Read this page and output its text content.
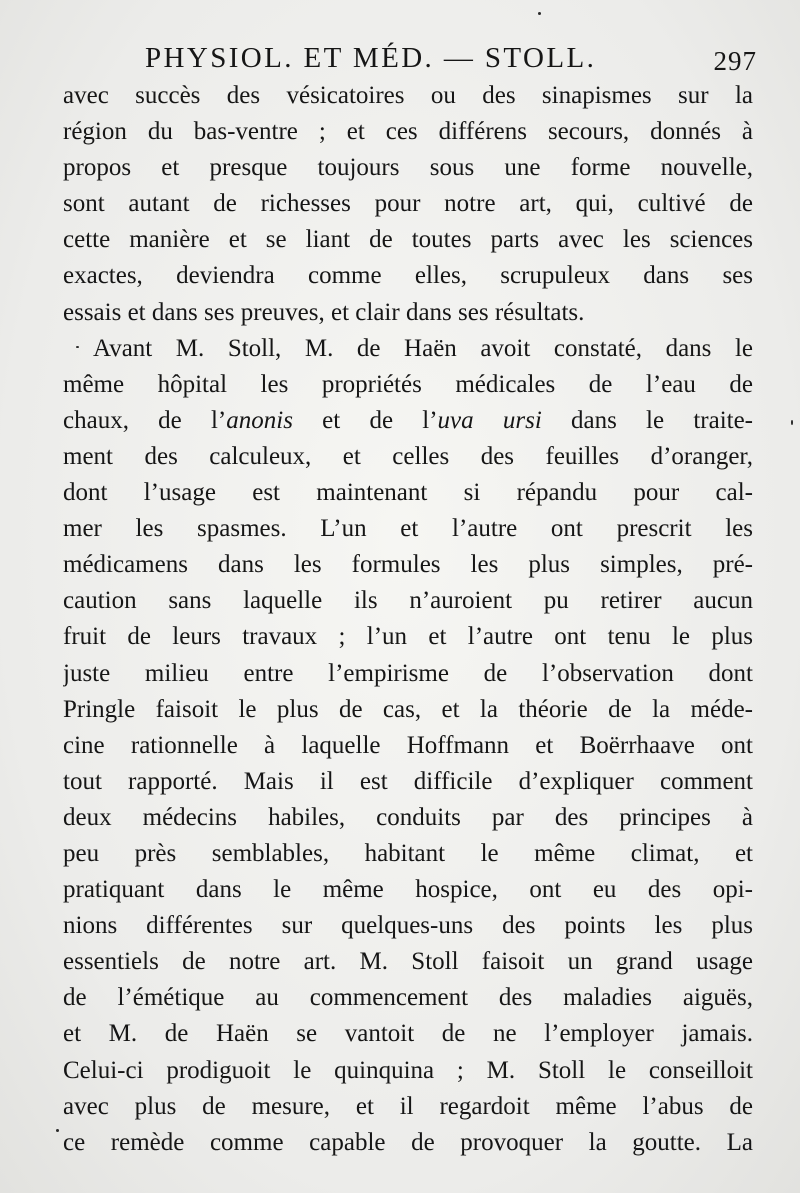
PHYSIOL. ET MÉD. — STOLL.	297
avec succès des vésicatoires ou des sinapismes sur la
région du bas-ventre ; et ces différens secours, donnés à
propos et presque toujours sous une forme nouvelle,
sont autant de richesses pour notre art, qui, cultivé de
cette manière et se liant de toutes parts avec les sciences
exactes, deviendra comme elles, scrupuleux dans ses
essais et dans ses preuves, et clair dans ses résultats.
Avant M. Stoll, M. de Haën avoit constaté, dans le
même hôpital les propriétés médicales de l’eau de
chaux, de l’anonis et de l’uva ursi dans le traite-
ment des calculeux, et celles des feuilles d’oranger,
dont l’usage est maintenant si répandu pour cal-
mer les spasmes. L’un et l’autre ont prescrit les
médicamens dans les formules les plus simples, pré-
caution sans laquelle ils n’auroient pu retirer aucun
fruit de leurs travaux ; l’un et l’autre ont tenu le plus
juste milieu entre l’empirisme de l’observation dont
Pringle faisoit le plus de cas, et la théorie de la méde-
cine rationnelle à laquelle Hoffmann et Boërrhaave ont
tout rapporté. Mais il est difficile d’expliquer comment
deux médecins habiles, conduits par des principes à
peu près semblables, habitant le même climat, et
pratiquant dans le même hospice, ont eu des opi-
nions différentes sur quelques-uns des points les plus
essentiels de notre art. M. Stoll faisoit un grand usage
de l’émétique au commencement des maladies aiguës,
et M. de Haën se vantoit de ne l’employer jamais.
Celui-ci prodiguoit le quinquina ; M. Stoll le conseilloit
avec plus de mesure, et il regardoit même l’abus de
ce remède comme capable de provoquer la goutte. La
